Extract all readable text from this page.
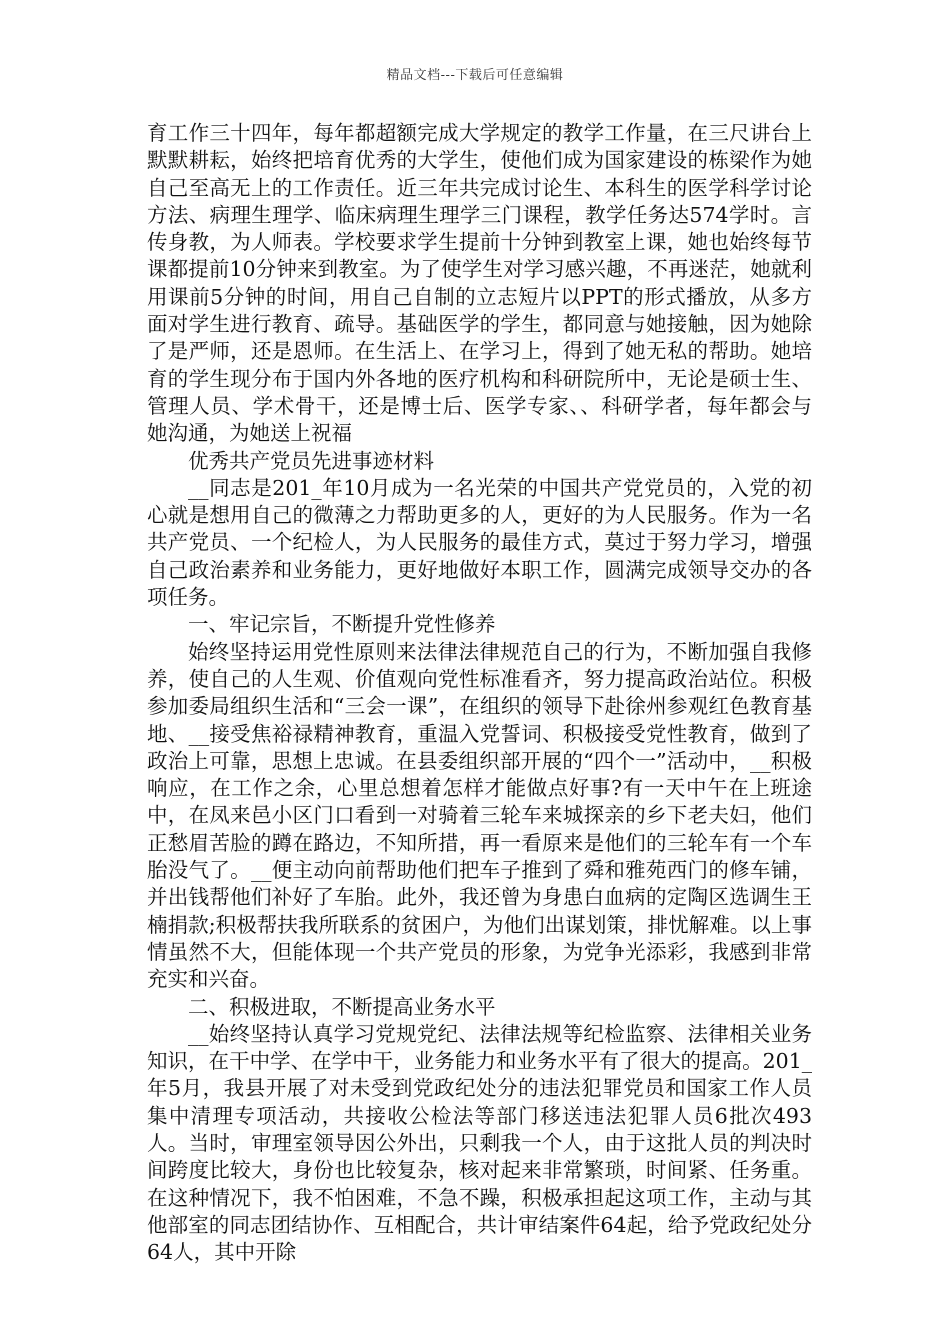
精品文档---下载后可任意编辑

育工作三十四年，每年都超额完成大学规定的教学工作量，在三尺讲台上默默耕耘，始终把培育优秀的大学生，使他们成为国家建设的栋梁作为她自己至高无上的工作责任。近三年共完成讨论生、本科生的医学科学讨论方法、病理生理学、临床病理生理学三门课程，教学任务达574学时。言传身教，为人师表。学校要求学生提前十分钟到教室上课，她也始终每节课都提前10分钟来到教室。为了使学生对学习感兴趣，不再迷茫，她就利用课前5分钟的时间，用自己自制的立志短片以PPT的形式播放，从多方面对学生进行教育、疏导。基础医学的学生，都同意与她接触，因为她除了是严师，还是恩师。在生活上、在学习上，得到了她无私的帮助。她培育的学生现分布于国内外各地的医疗机构和科研院所中，无论是硕士生、管理人员、学术骨干，还是博士后、医学专家、、科研学者，每年都会与她沟通，为她送上祝福

优秀共产党员先进事迹材料

__同志是201_年10月成为一名光荣的中国共产党党员的，入党的初心就是想用自己的微薄之力帮助更多的人，更好的为人民服务。作为一名共产党员、一个纪检人，为人民服务的最佳方式，莫过于努力学习，增强自己政治素养和业务能力，更好地做好本职工作，圆满完成领导交办的各项任务。

一、牢记宗旨，不断提升党性修养

始终坚持运用党性原则来法律法律规范自己的行为，不断加强自我修养，使自己的人生观、价值观向党性标准看齐，努力提高政治站位。积极参加委局组织生活和“三会一课”，在组织的领导下赴徐州参观红色教育基地、__接受焦裕禄精神教育，重温入党誓词、积极接受党性教育，做到了政治上可靠，思想上忠诚。在县委组织部开展的“四个一”活动中，__积极响应，在工作之余，心里总想着怎样才能做点好事?有一天中午在上班途中，在凤来邑小区门口看到一对骑着三轮车来城探亲的乡下老夫妇，他们正愁眉苦脸的蹲在路边，不知所措，再一看原来是他们的三轮车有一个车胎没气了。__便主动向前帮助他们把车子推到了舜和雅苑西门的修车铺，并出钱帮他们补好了车胎。此外，我还曾为身患白血病的定陶区选调生王楠捐款;积极帮扶我所联系的贫困户，为他们出谋划策，排忧解难。以上事情虽然不大，但能体现一个共产党员的形象，为党争光添彩，我感到非常充实和兴奋。

二、积极进取，不断提高业务水平

__始终坚持认真学习党规党纪、法律法规等纪检监察、法律相关业务知识，在干中学、在学中干，业务能力和业务水平有了很大的提高。201_年5月，我县开展了对未受到党政纪处分的违法犯罪党员和国家工作人员集中清理专项活动，共接收公检法等部门移送违法犯罪人员6批次493人。当时，审理室领导因公外出，只剩我一个人，由于这批人员的判决时间跨度比较大，身份也比较复杂，核对起来非常繁琐，时间紧、任务重。在这种情况下，我不怕困难，不急不躁，积极承担起这项工作，主动与其他部室的同志团结协作、互相配合，共计审结案件64起，给予党政纪处分64人，其中开除
